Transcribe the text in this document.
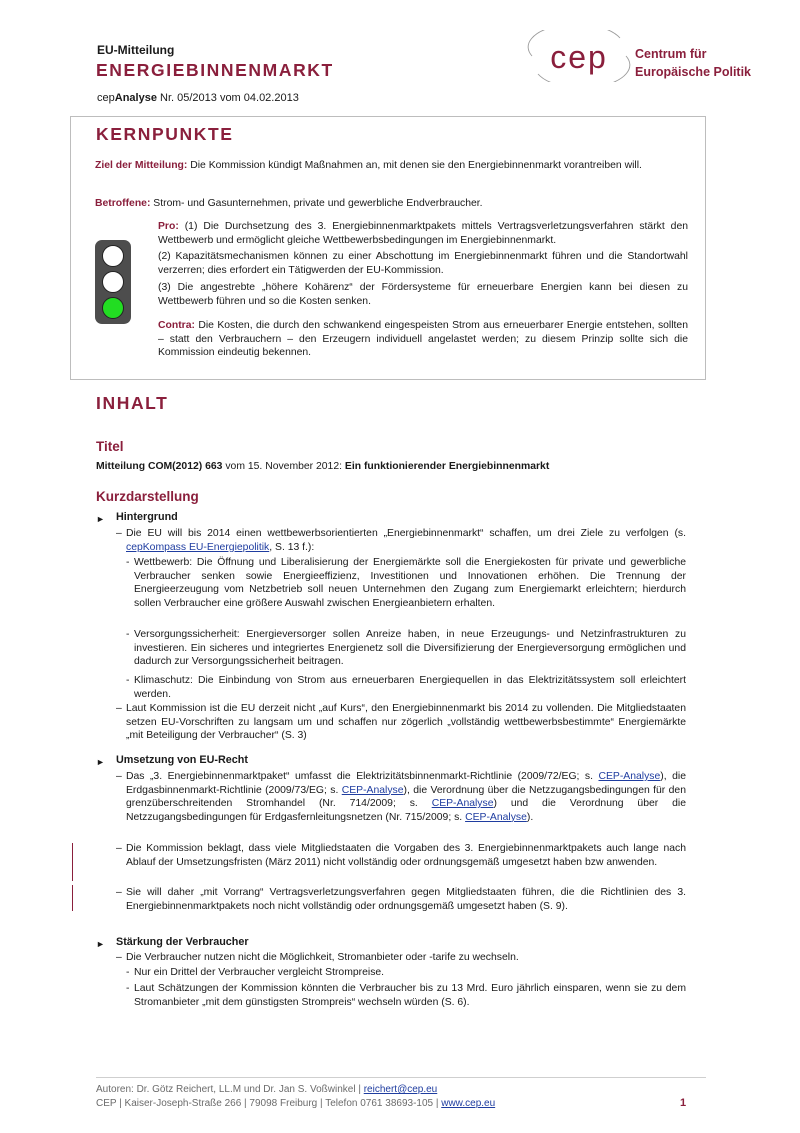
EU-Mitteilung
ENERGIEBINNENMARKT
cepAnalyse Nr. 05/2013 vom 04.02.2013
cep Centrum für
Europäische Politik
KERNPUNKTE
Ziel der Mitteilung: Die Kommission kündigt Maßnahmen an, mit denen sie den Energiebinnenmarkt vorantreiben will.
Betroffene: Strom- und Gasunternehmen, private und gewerbliche Endverbraucher.
Pro: (1) Die Durchsetzung des 3. Energiebinnenmarktpakets mittels Vertragsverletzungsverfahren stärkt den Wettbewerb und ermöglicht gleiche Wettbewerbsbedingungen im Energiebinnenmarkt.
(2) Kapazitätsmechanismen können zu einer Abschottung im Energiebinnenmarkt führen und die Standortwahl verzerren; dies erfordert ein Tätigwerden der EU-Kommission.
(3) Die angestrebte „höhere Kohärenz“ der Fördersysteme für erneuerbare Energien kann bei diesen zu Wettbewerb führen und so die Kosten senken.
Contra: Die Kosten, die durch den schwankend eingespeisten Strom aus erneuerbarer Energie entstehen, sollten – statt den Verbrauchern – den Erzeugern individuell angelastet werden; zu diesem Prinzip sollte sich die Kommission eindeutig bekennen.
INHALT
Titel
Mitteilung COM(2012) 663 vom 15. November 2012: Ein funktionierender Energiebinnenmarkt
Kurzdarstellung
► Hintergrund
– Die EU will bis 2014 einen wettbewerbsorientierten „Energiebinnenmarkt“ schaffen, um drei Ziele zu verfolgen (s. cepKompass EU-Energiepolitik, S. 13 f.):
- Wettbewerb: Die Öffnung und Liberalisierung der Energiemärkte soll die Energiekosten für private und gewerbliche Verbraucher senken sowie Energieeffizienz, Investitionen und Innovationen erhöhen. Die Trennung der Energieerzeugung vom Netzbetrieb soll neuen Unternehmen den Zugang zum Energiemarkt erleichtern; hierdurch sollen Verbraucher eine größere Auswahl zwischen Energieanbietern erhalten.
- Versorgungssicherheit: Energieversorger sollen Anreize haben, in neue Erzeugungs- und Netzinfrastrukturen zu investieren. Ein sicheres und integriertes Energienetz soll die Diversifizierung der Energieversorgung ermöglichen und dadurch zur Versorgungssicherheit beitragen.
- Klimaschutz: Die Einbindung von Strom aus erneuerbaren Energiequellen in das Elektrizitätssystem soll erleichtert werden.
– Laut Kommission ist die EU derzeit nicht „auf Kurs“, den Energiebinnenmarkt bis 2014 zu vollenden. Die Mitgliedstaaten setzen EU-Vorschriften zu langsam um und schaffen nur zögerlich „vollständig wettbewerbsbestimmte“ Energiemärkte „mit Beteiligung der Verbraucher“ (S. 3)
► Umsetzung von EU-Recht
– Das „3. Energiebinnenmarktpaket“ umfasst die Elektrizitätsbinnenmarkt-Richtlinie (2009/72/EG; s. CEP-Analyse), die Erdgasbinnenmarkt-Richtlinie (2009/73/EG; s. CEP-Analyse), die Verordnung über die Netzzugangsbedingungen für den grenzüberschreitenden Stromhandel (Nr. 714/2009; s. CEP-Analyse) und die Verordnung über die Netzzugangsbedingungen für Erdgasfernleitungsnetzen (Nr. 715/2009; s. CEP-Analyse).
– Die Kommission beklagt, dass viele Mitgliedstaaten die Vorgaben des 3. Energiebinnenmarktpakets auch lange nach Ablauf der Umsetzungsfristen (März 2011) nicht vollständig oder ordnungsgemäß umgesetzt haben bzw anwenden.
– Sie will daher „mit Vorrang“ Vertragsverletzungsverfahren gegen Mitgliedstaaten führen, die die Richtlinien des 3. Energiebinnenmarktpakets noch nicht vollständig oder ordnungsgemäß umgesetzt haben (S. 9).
► Stärkung der Verbraucher
– Die Verbraucher nutzen nicht die Möglichkeit, Stromanbieter oder -tarife zu wechseln.
- Nur ein Drittel der Verbraucher vergleicht Strompreise.
- Laut Schätzungen der Kommission könnten die Verbraucher bis zu 13 Mrd. Euro jährlich einsparen, wenn sie zu dem Stromanbieter „mit dem günstigsten Strompreis“ wechseln würden (S. 6).
Autoren: Dr. Götz Reichert, LL.M und Dr. Jan S. Voßwinkel | reichert@cep.eu
CEP | Kaiser-Joseph-Straße 266 | 79098 Freiburg | Telefon 0761 38693-105 | www.cep.eu	1
